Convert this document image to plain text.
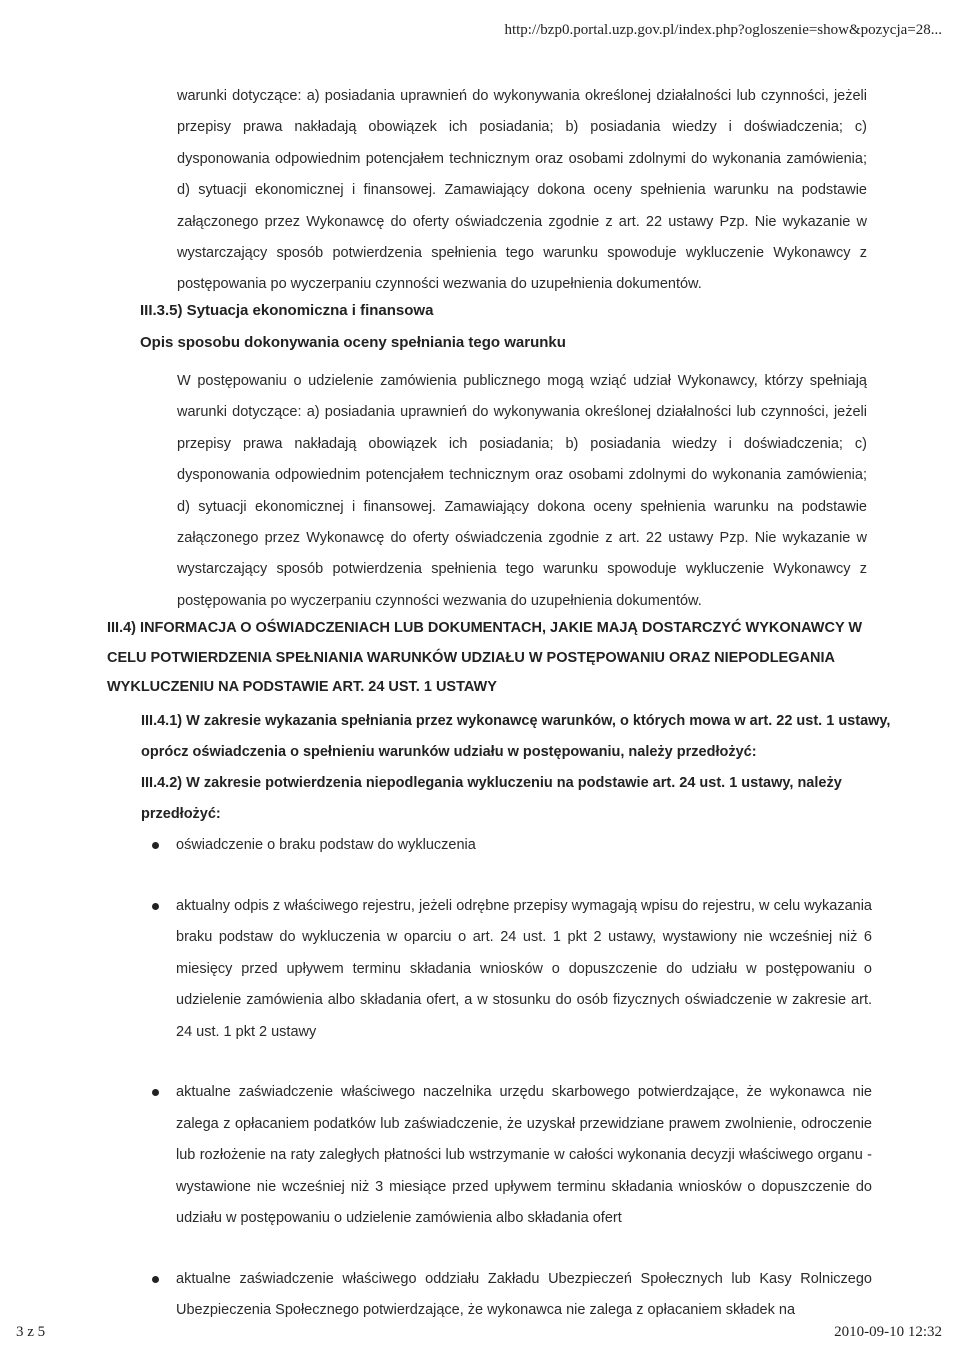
http://bzp0.portal.uzp.gov.pl/index.php?ogloszenie=show&pozycja=28...

warunki dotyczące: a) posiadania uprawnień do wykonywania określonej działalności lub czynności, jeżeli przepisy prawa nakładają obowiązek ich posiadania; b) posiadania wiedzy i doświadczenia; c) dysponowania odpowiednim potencjałem technicznym oraz osobami zdolnymi do wykonania zamówienia; d) sytuacji ekonomicznej i finansowej. Zamawiający dokona oceny spełnienia warunku na podstawie załączonego przez Wykonawcę do oferty oświadczenia zgodnie z art. 22 ustawy Pzp. Nie wykazanie w wystarczający sposób potwierdzenia spełnienia tego warunku spowoduje wykluczenie Wykonawcy z postępowania po wyczerpaniu czynności wezwania do uzupełnienia dokumentów.

III.3.5) Sytuacja ekonomiczna i finansowa
Opis sposobu dokonywania oceny spełniania tego warunku

W postępowaniu o udzielenie zamówienia publicznego mogą wziąć udział Wykonawcy, którzy spełniają warunki dotyczące: a) posiadania uprawnień do wykonywania określonej działalności lub czynności, jeżeli przepisy prawa nakładają obowiązek ich posiadania; b) posiadania wiedzy i doświadczenia; c) dysponowania odpowiednim potencjałem technicznym oraz osobami zdolnymi do wykonania zamówienia; d) sytuacji ekonomicznej i finansowej. Zamawiający dokona oceny spełnienia warunku na podstawie załączonego przez Wykonawcę do oferty oświadczenia zgodnie z art. 22 ustawy Pzp. Nie wykazanie w wystarczający sposób potwierdzenia spełnienia tego warunku spowoduje wykluczenie Wykonawcy z postępowania po wyczerpaniu czynności wezwania do uzupełnienia dokumentów.

III.4) INFORMACJA O OŚWIADCZENIACH LUB DOKUMENTACH, JAKIE MAJĄ DOSTARCZYĆ WYKONAWCY W CELU POTWIERDZENIA SPEŁNIANIA WARUNKÓW UDZIAŁU W POSTĘPOWANIU ORAZ NIEPODLEGANIA WYKLUCZENIU NA PODSTAWIE ART. 24 UST. 1 USTAWY

III.4.1) W zakresie wykazania spełniania przez wykonawcę warunków, o których mowa w art. 22 ust. 1 ustawy, oprócz oświadczenia o spełnieniu warunków udziału w postępowaniu, należy przedłożyć:

III.4.2) W zakresie potwierdzenia niepodlegania wykluczeniu na podstawie art. 24 ust. 1 ustawy, należy przedłożyć:

oświadczenie o braku podstaw do wykluczenia
aktualny odpis z właściwego rejestru, jeżeli odrębne przepisy wymagają wpisu do rejestru, w celu wykazania braku podstaw do wykluczenia w oparciu o art. 24 ust. 1 pkt 2 ustawy, wystawiony nie wcześniej niż 6 miesięcy przed upływem terminu składania wniosków o dopuszczenie do udziału w postępowaniu o udzielenie zamówienia albo składania ofert, a w stosunku do osób fizycznych oświadczenie w zakresie art. 24 ust. 1 pkt 2 ustawy
aktualne zaświadczenie właściwego naczelnika urzędu skarbowego potwierdzające, że wykonawca nie zalega z opłacaniem podatków lub zaświadczenie, że uzyskał przewidziane prawem zwolnienie, odroczenie lub rozłożenie na raty zaległych płatności lub wstrzymanie w całości wykonania decyzji właściwego organu - wystawione nie wcześniej niż 3 miesiące przed upływem terminu składania wniosków o dopuszczenie do udziału w postępowaniu o udzielenie zamówienia albo składania ofert
aktualne zaświadczenie właściwego oddziału Zakładu Ubezpieczeń Społecznych lub Kasy Rolniczego Ubezpieczenia Społecznego potwierdzające, że wykonawca nie zalega z opłacaniem składek na
3 z 5	2010-09-10 12:32
